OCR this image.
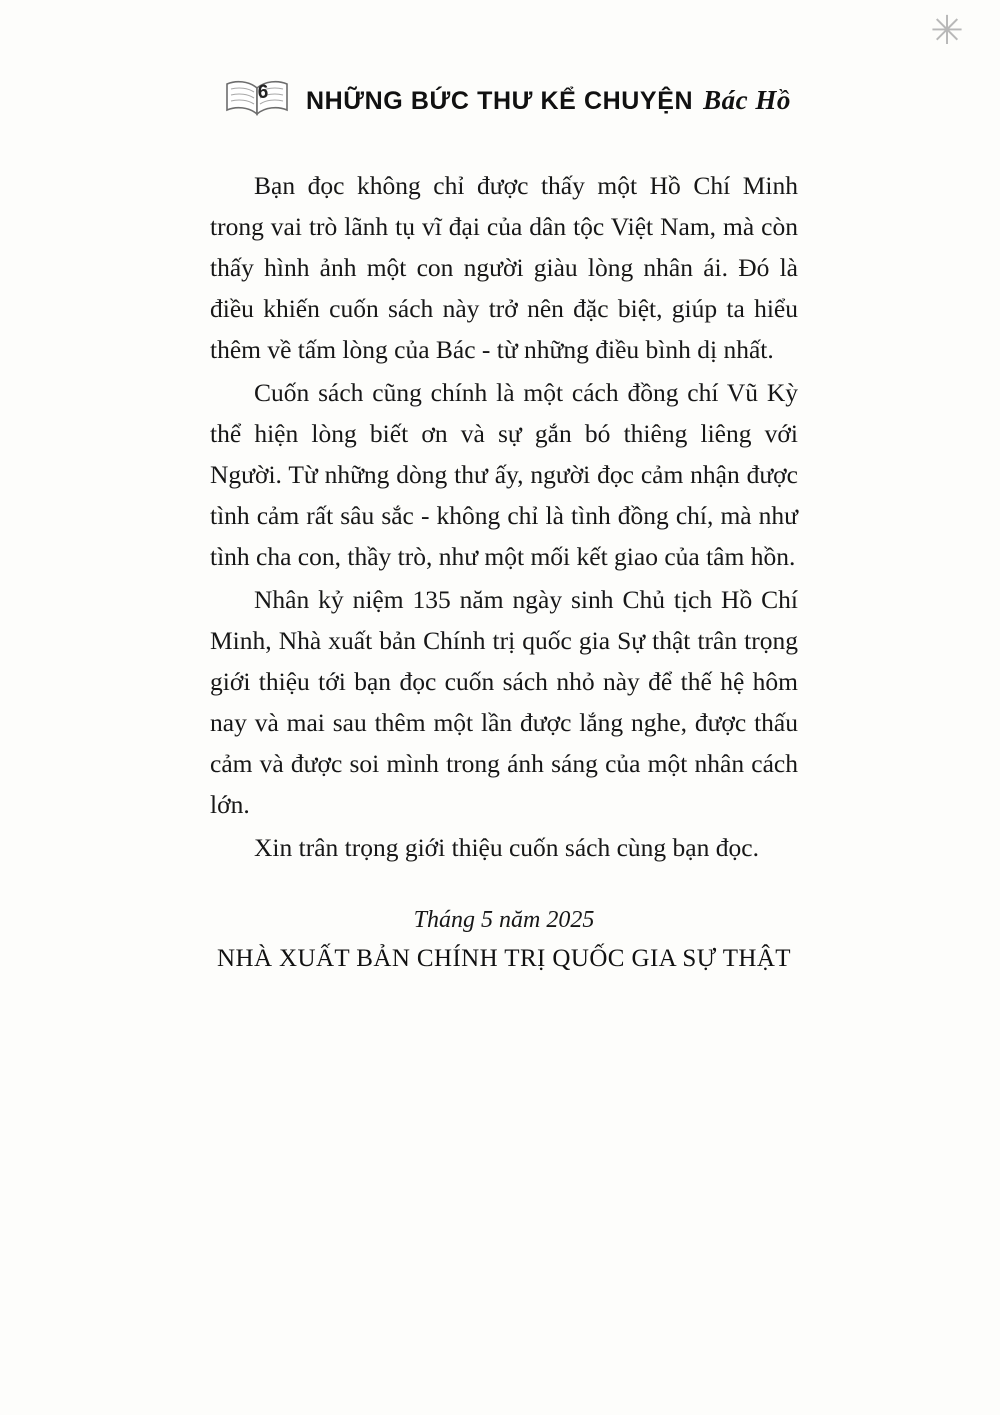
✳
6 NHỮNG BỨC THƯ KỂ CHUYỆN Bác Hồ

Bạn đọc không chỉ được thấy một Hồ Chí Minh trong vai trò lãnh tụ vĩ đại của dân tộc Việt Nam, mà còn thấy hình ảnh một con người giàu lòng nhân ái. Đó là điều khiến cuốn sách này trở nên đặc biệt, giúp ta hiểu thêm về tấm lòng của Bác - từ những điều bình dị nhất.

Cuốn sách cũng chính là một cách đồng chí Vũ Kỳ thể hiện lòng biết ơn và sự gắn bó thiêng liêng với Người. Từ những dòng thư ấy, người đọc cảm nhận được tình cảm rất sâu sắc - không chỉ là tình đồng chí, mà như tình cha con, thầy trò, như một mối kết giao của tâm hồn.

Nhân kỷ niệm 135 năm ngày sinh Chủ tịch Hồ Chí Minh, Nhà xuất bản Chính trị quốc gia Sự thật trân trọng giới thiệu tới bạn đọc cuốn sách nhỏ này để thế hệ hôm nay và mai sau thêm một lần được lắng nghe, được thấu cảm và được soi mình trong ánh sáng của một nhân cách lớn.

Xin trân trọng giới thiệu cuốn sách cùng bạn đọc.

Tháng 5 năm 2025

NHÀ XUẤT BẢN CHÍNH TRỊ QUỐC GIA SỰ THẬT
